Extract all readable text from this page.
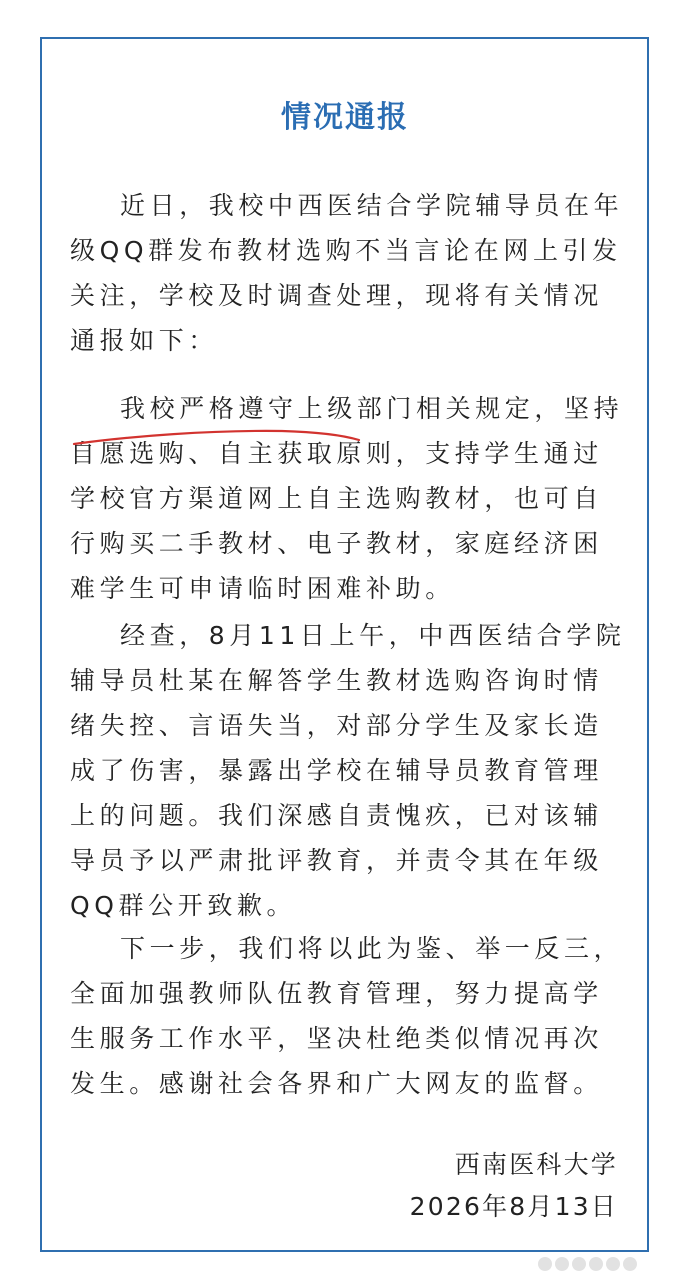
情况通报

近日，我校中西医结合学院辅导员在年级QQ群发布教材选购不当言论在网上引发关注，学校及时调查处理，现将有关情况通报如下：

我校严格遵守上级部门相关规定，坚持自愿选购、自主获取原则，支持学生通过学校官方渠道网上自主选购教材，也可自行购买二手教材、电子教材，家庭经济困难学生可申请临时困难补助。

经查，8月11日上午，中西医结合学院辅导员杜某在解答学生教材选购咨询时情绪失控、言语失当，对部分学生及家长造成了伤害，暴露出学校在辅导员教育管理上的问题。我们深感自责愧疚，已对该辅导员予以严肃批评教育，并责令其在年级QQ群公开致歉。

下一步，我们将以此为鉴、举一反三，全面加强教师队伍教育管理，努力提高学生服务工作水平，坚决杜绝类似情况再次发生。感谢社会各界和广大网友的监督。

西南医科大学
2026年8月13日
